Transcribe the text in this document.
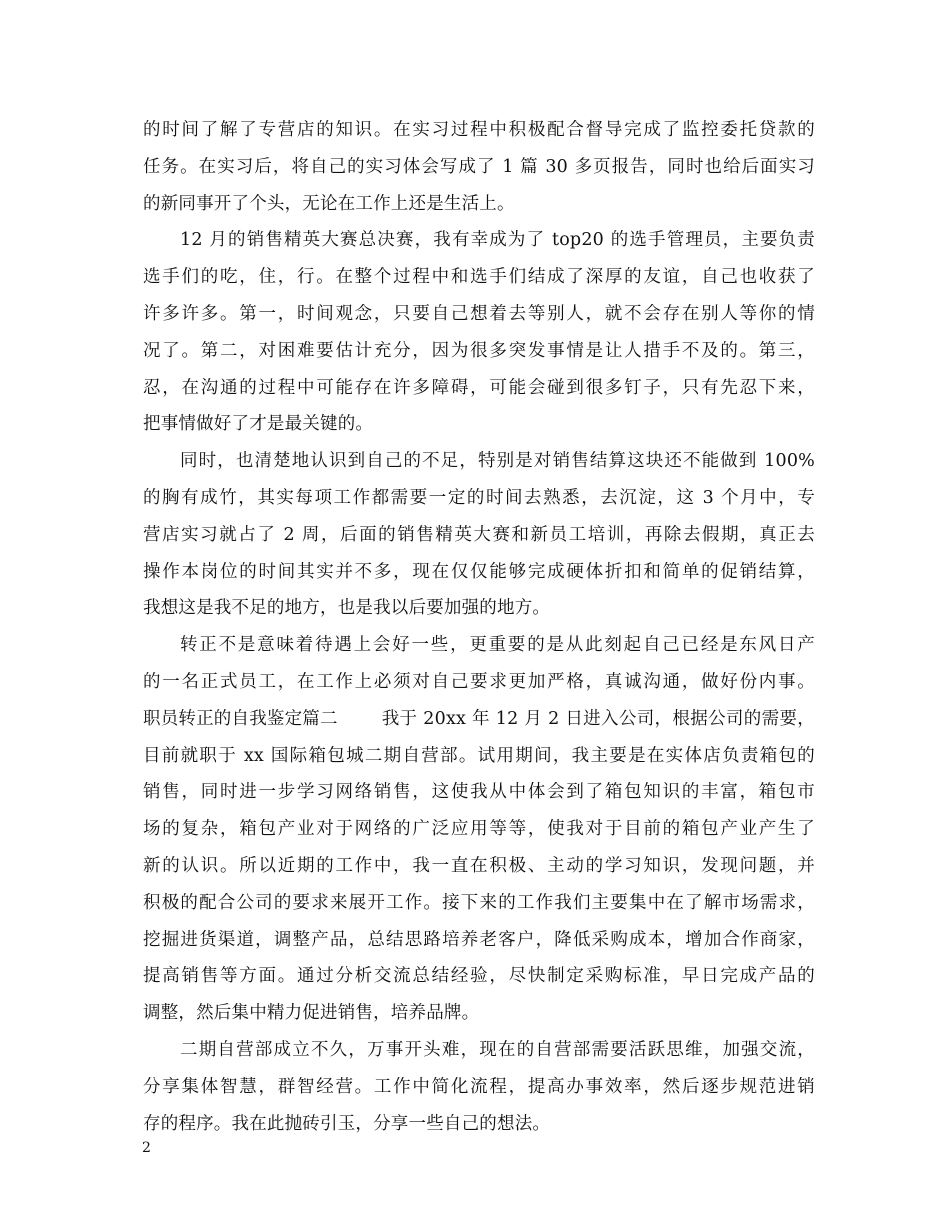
的时间了解了专营店的知识。在实习过程中积极配合督导完成了监控委托贷款的
任务。在实习后，将自己的实习体会写成了 1 篇 30 多页报告，同时也给后面实习
的新同事开了个头，无论在工作上还是生活上。
12 月的销售精英大赛总决赛，我有幸成为了 top20 的选手管理员，主要负责
选手们的吃，住，行。在整个过程中和选手们结成了深厚的友谊，自己也收获了
许多许多。第一，时间观念，只要自己想着去等别人，就不会存在别人等你的情
况了。第二，对困难要估计充分，因为很多突发事情是让人措手不及的。第三，
忍，在沟通的过程中可能存在许多障碍，可能会碰到很多钉子，只有先忍下来，
把事情做好了才是最关键的。
同时，也清楚地认识到自己的不足，特别是对销售结算这块还不能做到 100%
的胸有成竹，其实每项工作都需要一定的时间去熟悉，去沉淀，这 3 个月中，专
营店实习就占了 2 周，后面的销售精英大赛和新员工培训，再除去假期，真正去
操作本岗位的时间其实并不多，现在仅仅能够完成硬体折扣和简单的促销结算，
我想这是我不足的地方，也是我以后要加强的地方。
转正不是意味着待遇上会好一些，更重要的是从此刻起自己已经是东风日产
的一名正式员工，在工作上必须对自己要求更加严格，真诚沟通，做好份内事。
职员转正的自我鉴定篇二	我于 20xx 年 12 月 2 日进入公司，根据公司的需要，
目前就职于 xx 国际箱包城二期自营部。试用期间，我主要是在实体店负责箱包的
销售，同时进一步学习网络销售，这使我从中体会到了箱包知识的丰富，箱包市
场的复杂，箱包产业对于网络的广泛应用等等，使我对于目前的箱包产业产生了
新的认识。所以近期的工作中，我一直在积极、主动的学习知识，发现问题，并
积极的配合公司的要求来展开工作。接下来的工作我们主要集中在了解市场需求，
挖掘进货渠道，调整产品，总结思路培养老客户，降低采购成本，增加合作商家，
提高销售等方面。通过分析交流总结经验，尽快制定采购标准，早日完成产品的
调整，然后集中精力促进销售，培养品牌。
二期自营部成立不久，万事开头难，现在的自营部需要活跃思维，加强交流，
分享集体智慧，群智经营。工作中简化流程，提高办事效率，然后逐步规范进销
存的程序。我在此抛砖引玉，分享一些自己的想法。
2
